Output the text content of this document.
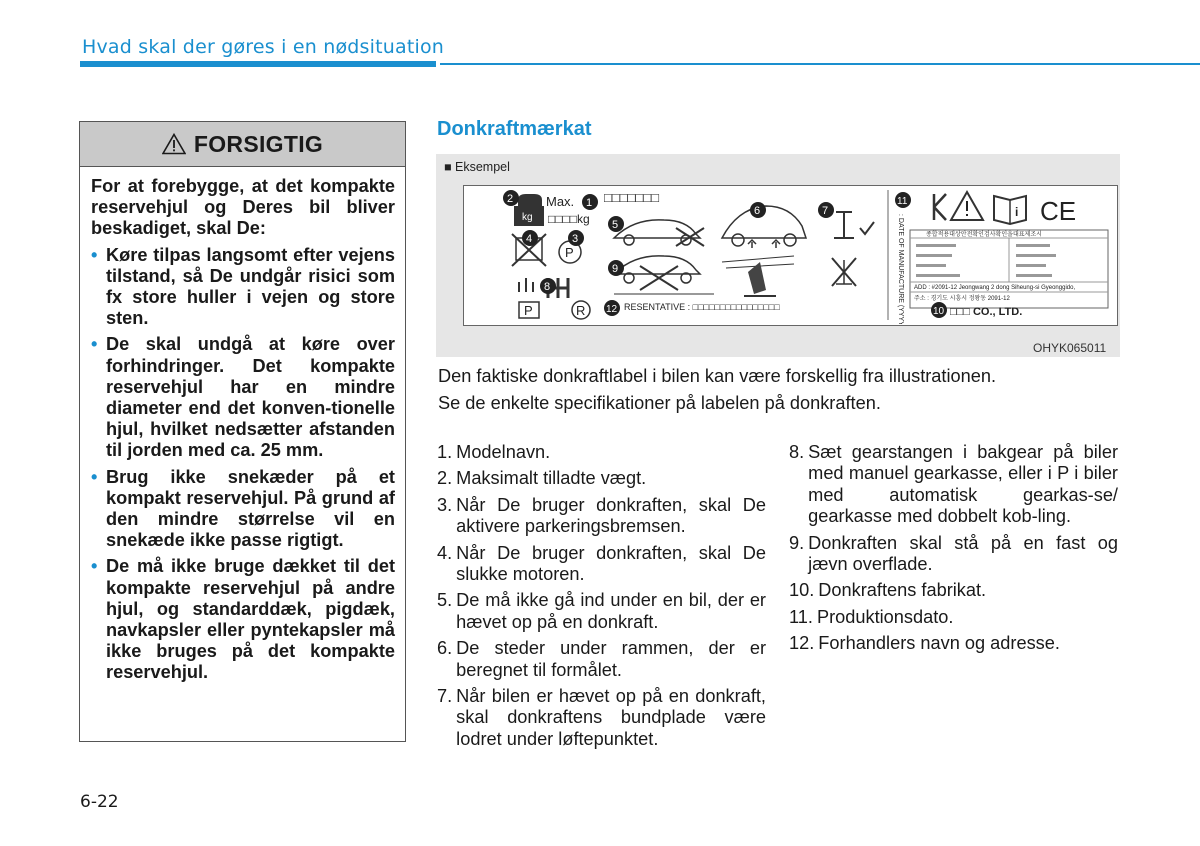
Hvad skal der gøres i en nødsituation
FORSIGTIG

For at forebygge, at det kompakte reservehjul og Deres bil bliver beskadiget, skal De:

• Køre tilpas langsomt efter vejens tilstand, så De undgår risici som fx store huller i vejen og store sten.
• De skal undgå at køre over forhindringer. Det kompakte reservehjul har en mindre diameter end det konven-tionelle hjul, hvilket nedsætter afstanden til jorden med ca. 25 mm.
• Brug ikke snekæder på et kompakt reservehjul. På grund af den mindre størrelse vil en snekæde ikke passe rigtigt.
• De må ikke bruge dækket til det kompakte reservehjul på andre hjul, og standarddæk, pigdæk, navkapsler eller pyntekapsler må ikke bruges på det kompakte reservehjul.
Donkraftmærkat
■ Eksempel
kg
Max.
□□□□kg
□□□□□□□
2	1
4
P
3
P	R
8
5
9
6	7
RESENTATIVE : □□□□□□□□□□□□□□□□
12
11
: DATE OF MANUFACTURE (YYYY.MM.DD)	K
i CE
종합적용대상안전확인검사확인을대표제조시
ADD : #2091-12 Jeongwang 2 dong Siheung-si Gyeonggido,
주소 : 경기도 시흥시 정왕동 2091-12
10 □□□ CO., LTD.
OHYK065011
Den faktiske donkraftlabel i bilen kan være forskellig fra illustrationen.
Se de enkelte specifikationer på labelen på donkraften.
1. Modelnavn.
2. Maksimalt tilladte vægt.
3. Når De bruger donkraften, skal De aktivere parkeringsbremsen.
4. Når De bruger donkraften, skal De slukke motoren.
5. De må ikke gå ind under en bil, der er hævet op på en donkraft.
6. De steder under rammen, der er beregnet til formålet.
7. Når bilen er hævet op på en donkraft, skal donkraftens bundplade være lodret under løftepunktet.
8. Sæt gearstangen i bakgear på biler med manuel gearkasse, eller i P i biler med automatisk gearkas-se/ gearkasse med dobbelt kob-ling.
9. Donkraften skal stå på en fast og jævn overflade.
10. Donkraftens fabrikat.
11. Produktionsdato.
12. Forhandlers navn og adresse.
6-22
